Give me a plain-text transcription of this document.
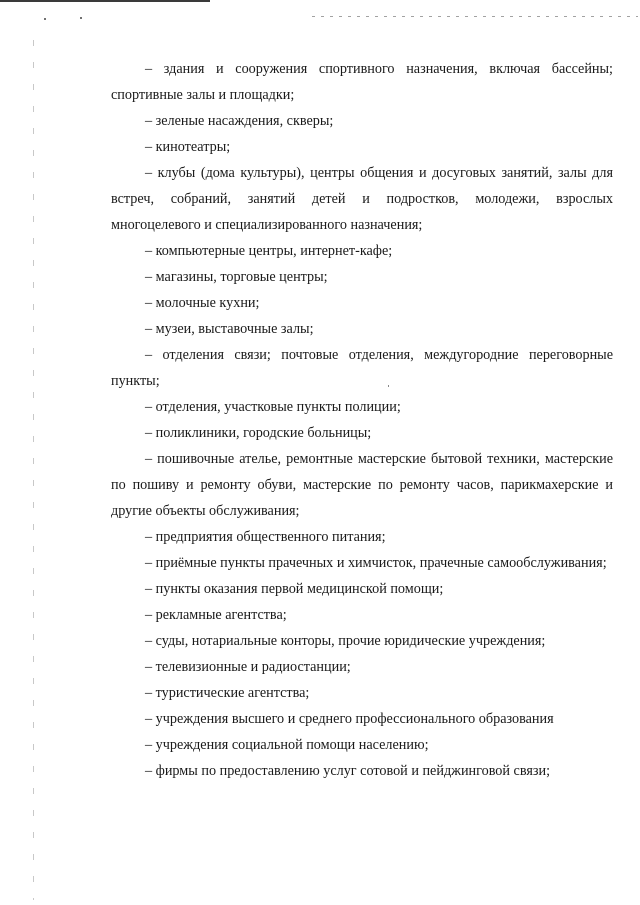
– здания и сооружения спортивного назначения, включая бассейны; спортивные залы и площадки;

– зеленые насаждения, скверы;

– кинотеатры;

– клубы (дома культуры), центры общения и досуговых занятий, залы для встреч, собраний, занятий детей и подростков, молодежи, взрослых многоцелевого и специализированного назначения;

– компьютерные центры, интернет-кафе;

– магазины, торговые центры;

– молочные кухни;

– музеи, выставочные залы;

– отделения связи; почтовые отделения, междугородние переговорные пункты;

– отделения, участковые пункты полиции;

– поликлиники, городские больницы;

– пошивочные ателье, ремонтные мастерские бытовой техники, мастерские по пошиву и ремонту обуви, мастерские по ремонту часов, парикмахерские и другие объекты обслуживания;

– предприятия общественного питания;

– приёмные пункты прачечных и химчисток, прачечные самообслуживания;

– пункты оказания первой медицинской помощи;

– рекламные агентства;

– суды, нотариальные конторы, прочие юридические учреждения;

– телевизионные и радиостанции;

– туристические агентства;

– учреждения высшего и среднего профессионального образования

– учреждения социальной помощи населению;

– фирмы по предоставлению услуг сотовой и пейджинговой связи;
